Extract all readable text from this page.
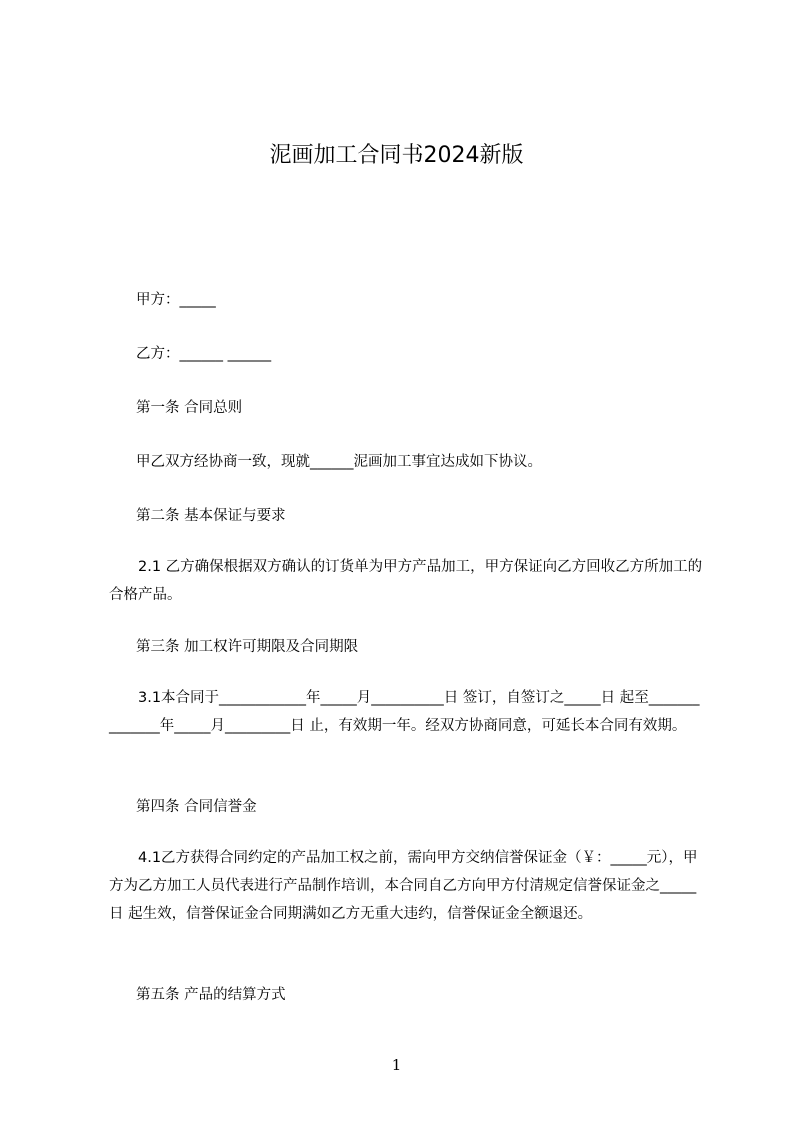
泥画加工合同书2024新版
甲方：_____
乙方：______ ______
第一条 合同总则
甲乙双方经协商一致，现就______泥画加工事宜达成如下协议。
第二条 基本保证与要求
2.1 乙方确保根据双方确认的订货单为甲方产品加工，甲方保证向乙方回收乙方所加工的合格产品。
第三条 加工权许可期限及合同期限
3.1本合同于____________年_____月__________日 签订，自签订之_____日 起至______________年_____月_________日 止，有效期一年。经双方协商同意，可延长本合同有效期。
第四条 合同信誉金
4.1乙方获得合同约定的产品加工权之前，需向甲方交纳信誉保证金（￥：_____元），甲方为乙方加工人员代表进行产品制作培训，本合同自乙方向甲方付清规定信誉保证金之_____日 起生效，信誉保证金合同期满如乙方无重大违约，信誉保证金全额退还。
第五条 产品的结算方式
1
